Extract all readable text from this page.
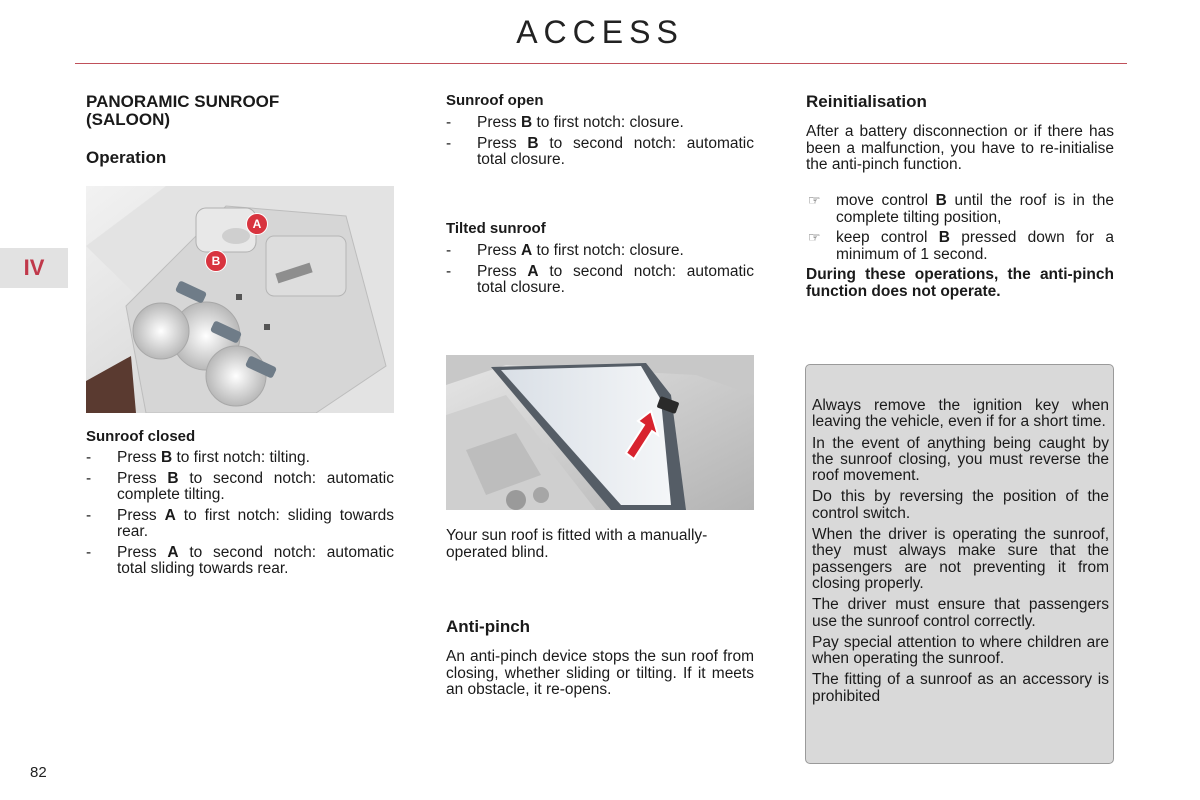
ACCESS
IV
82
PANORAMIC SUNROOF (SALOON)
Operation
A
B
Sunroof closed
- Press B to first notch: tilting.
- Press B to second notch: automatic complete tilting.
- Press A to first notch: sliding towards rear.
- Press A to second notch: automatic total sliding towards rear.
Sunroof open
- Press B to first notch: closure.
- Press B to second notch: automatic total closure.
Tilted sunroof
- Press A to first notch: closure.
- Press A to second notch: automatic total closure.

Your sun roof is fitted with a manually-operated blind.

Anti-pinch

An anti-pinch device stops the sun roof from closing, whether sliding or tilting. If it meets an obstacle, it re-opens.

Reinitialisation

After a battery disconnection or if there has been a malfunction, you have to re-initialise the anti-pinch function.

☞ move control B until the roof is in the complete tilting position,
☞ keep control B pressed down for a minimum of 1 second.

During these operations, the anti-pinch function does not operate.

Always remove the ignition key when leaving the vehicle, even if for a short time.

In the event of anything being caught by the sunroof closing, you must reverse the roof movement.

Do this by reversing the position of the control switch.

When the driver is operating the sunroof, they must always make sure that the passengers are not preventing it from closing properly.

The driver must ensure that passengers use the sunroof control correctly.

Pay special attention to where children are when operating the sunroof.

The fitting of a sunroof as an accessory is prohibited
